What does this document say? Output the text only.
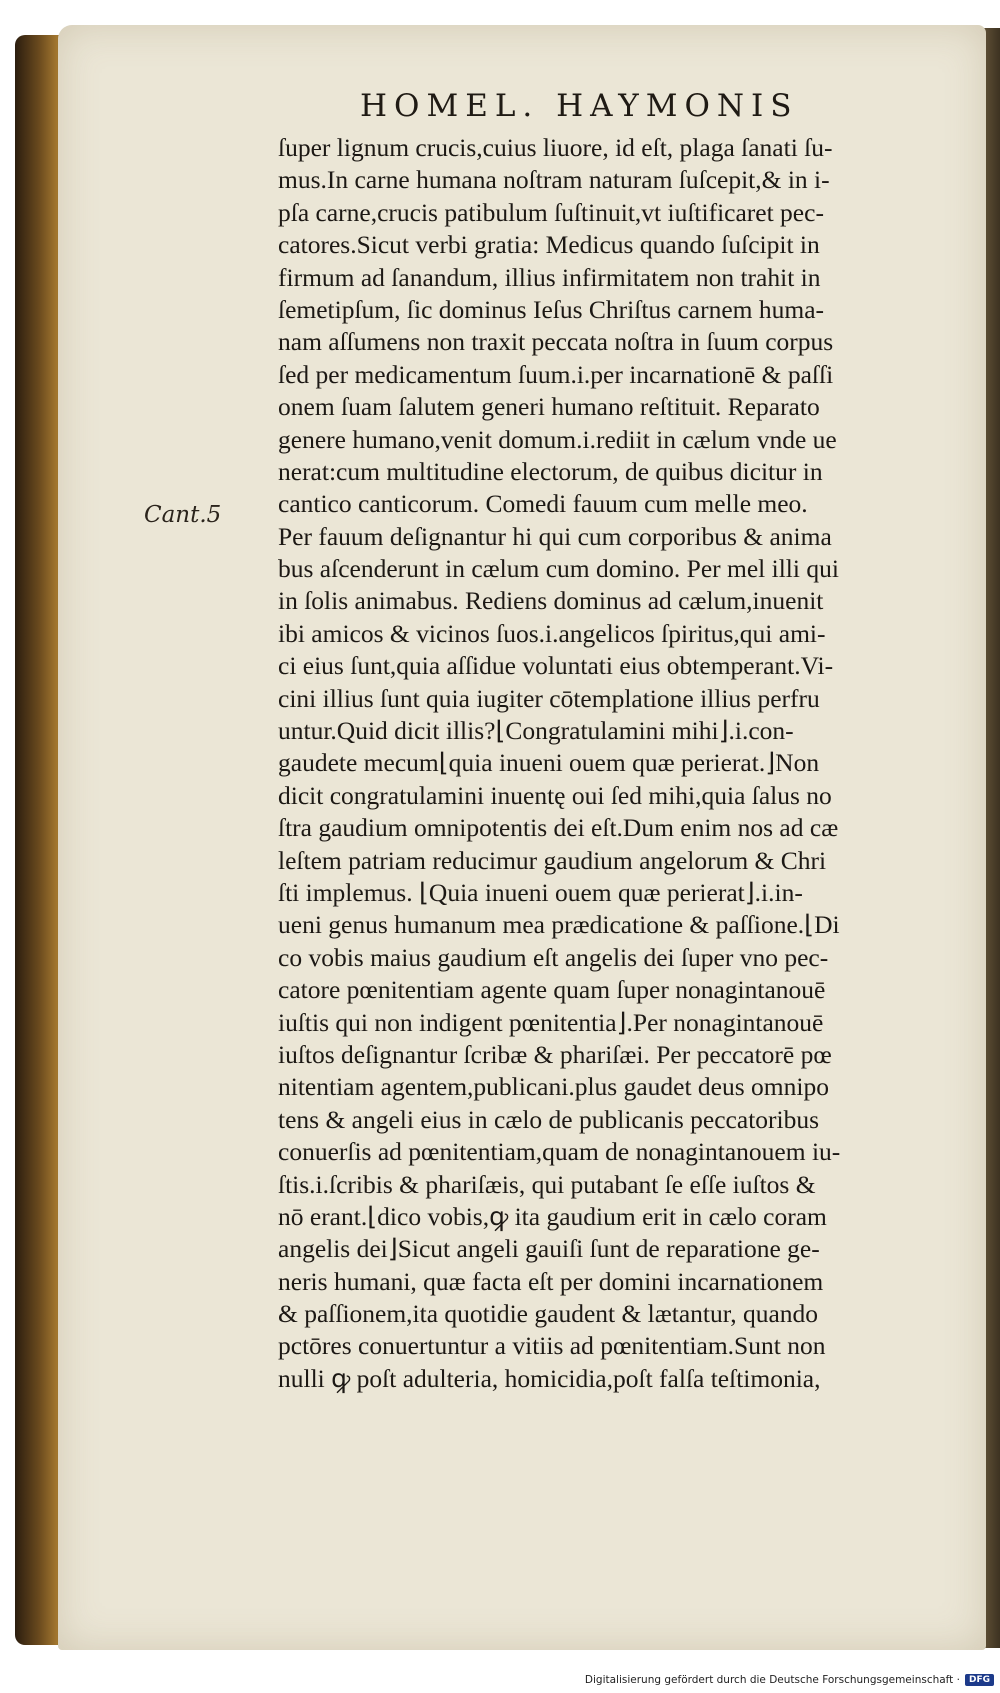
HOMEL. HAYMONIS
Cant.5
ſuper lignum crucis,cuius liuore, id eſt, plaga ſanati ſu-
mus.In carne humana noſtram naturam ſuſcepit,& in i-
pſa carne,crucis patibulum ſuſtinuit,vt iuſtificaret pec-
catores.Sicut verbi gratia: Medicus quando ſuſcipit in
firmum ad ſanandum, illius infirmitatem non trahit in
ſemetipſum, ſic dominus Ieſus Chriſtus carnem huma-
nam aſſumens non traxit peccata noſtra in ſuum corpus
ſed per medicamentum ſuum.i.per incarnationē & paſſi
onem ſuam ſalutem generi humano reſtituit. Reparato
genere humano,venit domum.i.rediit in cælum vnde ue
nerat:cum multitudine electorum, de quibus dicitur in
cantico canticorum. Comedi fauum cum melle meo.
Per fauum deſignantur hi qui cum corporibus & anima
bus aſcenderunt in cælum cum domino. Per mel illi qui
in ſolis animabus. Rediens dominus ad cælum,inuenit
ibi amicos & vicinos ſuos.i.angelicos ſpiritus,qui ami-
ci eius ſunt,quia aſſidue voluntati eius obtemperant.Vi-
cini illius ſunt quia iugiter cōtemplatione illius perfru
untur.Quid dicit illis?⌊Congratulamini mihi⌋.i.con-
gaudete mecum⌊quia inueni ouem quæ perierat.⌋Non
dicit congratulamini inuentę oui ſed mihi,quia ſalus no
ſtra gaudium omnipotentis dei eſt.Dum enim nos ad cæ
leſtem patriam reducimur gaudium angelorum & Chri
ſti implemus. ⌊Quia inueni ouem quæ perierat⌋.i.in-
ueni genus humanum mea prædicatione & paſſione.⌊Di
co vobis maius gaudium eſt angelis dei ſuper vno pec-
catore pœnitentiam agente quam ſuper nonagintanouē
iuſtis qui non indigent pœnitentia⌋.Per nonagintanouē
iuſtos deſignantur ſcribæ & phariſæi. Per peccatorē pœ
nitentiam agentem,publicani.plus gaudet deus omnipo
tens & angeli eius in cælo de publicanis peccatoribus
conuerſis ad pœnitentiam,quam de nonagintanouem iu-
ſtis.i.ſcribis & phariſæis, qui putabant ſe eſſe iuſtos &
nō erant.⌊dico vobis,ꝙ ita gaudium erit in cælo coram
angelis dei⌋Sicut angeli gauiſi ſunt de reparatione ge-
neris humani, quæ facta eſt per domini incarnationem
& paſſionem,ita quotidie gaudent & lætantur, quando
pctōres conuertuntur a vitiis ad pœnitentiam.Sunt non
nulli ꝙ poſt adulteria, homicidia,poſt falſa teſtimonia,
Digitalisierung gefördert durch die Deutsche Forschungsgemeinschaft · DFG
